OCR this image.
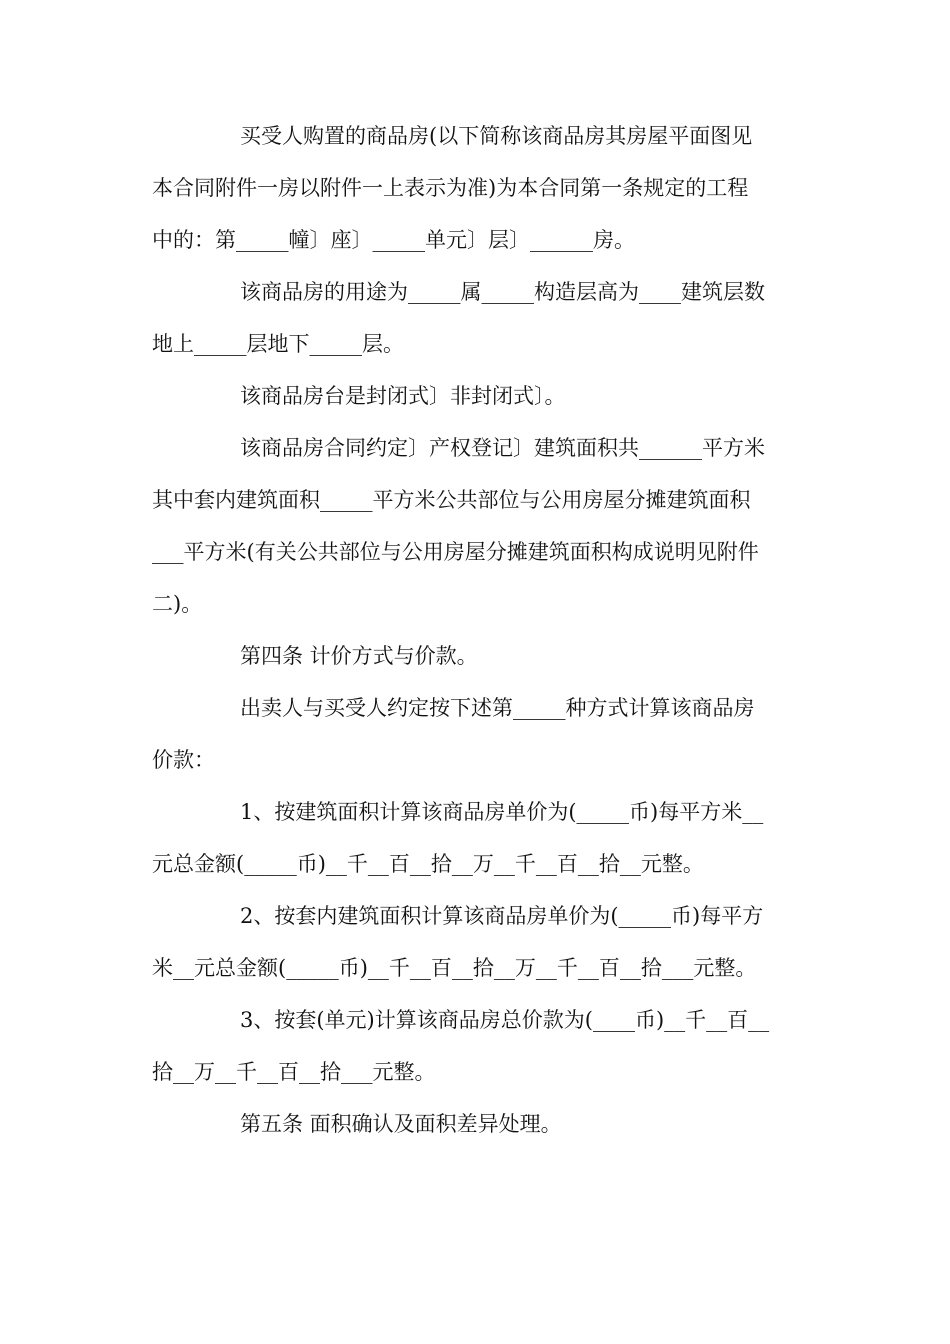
买受人购置的商品房(以下简称该商品房其房屋平面图见
本合同附件一房以附件一上表示为准)为本合同第一条规定的工程
中的：第_____幢〕座〕_____单元〕层〕______房。
该商品房的用途为_____属_____构造层高为____建筑层数
地上_____层地下_____层。
该商品房台是封闭式〕非封闭式〕。
该商品房合同约定〕产权登记〕建筑面积共______平方米
其中套内建筑面积_____平方米公共部位与公用房屋分摊建筑面积
___平方米(有关公共部位与公用房屋分摊建筑面积构成说明见附件
二)。
第四条 计价方式与价款。
出卖人与买受人约定按下述第_____种方式计算该商品房
价款：
1、按建筑面积计算该商品房单价为(_____币)每平方米__
元总金额(_____币)__千__百__拾__万__千__百__拾__元整。
2、按套内建筑面积计算该商品房单价为(_____币)每平方
米__元总金额(_____币)__千__百__拾__万__千__百__拾___元整。
3、按套(单元)计算该商品房总价款为(____币)__千__百__
拾__万__千__百__拾___元整。
第五条 面积确认及面积差异处理。
